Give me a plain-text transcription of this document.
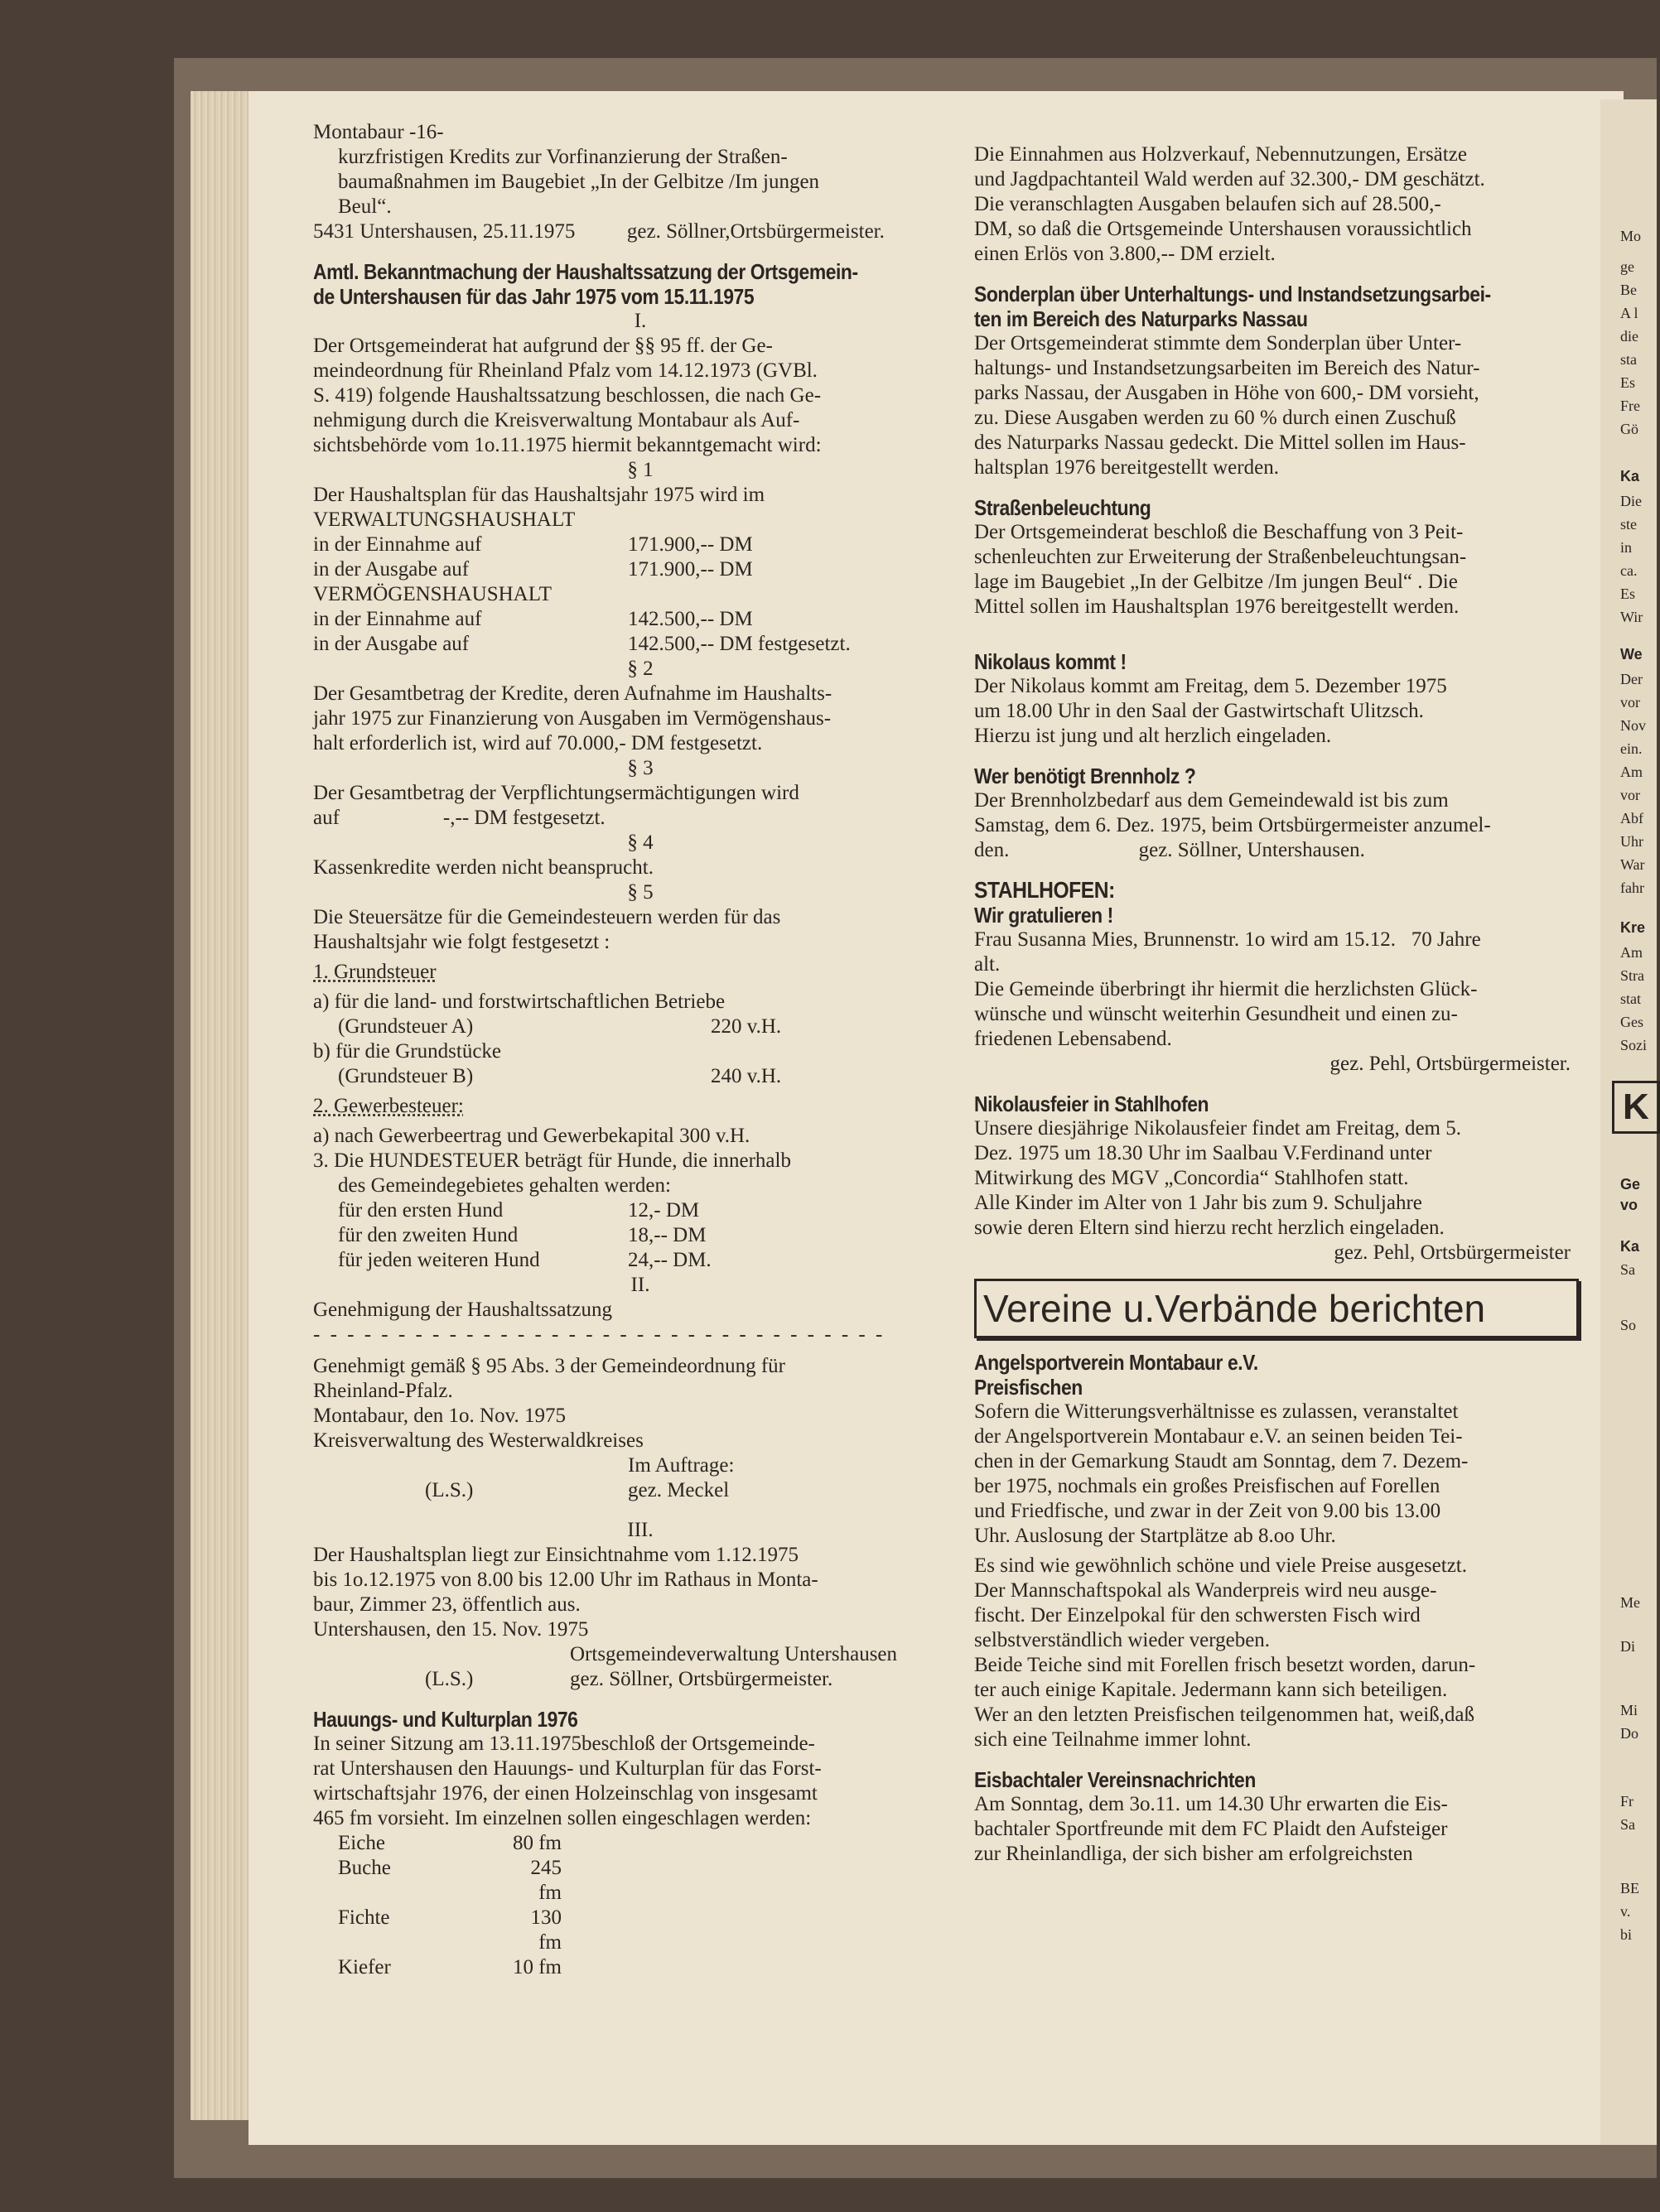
Montabaur -16-

kurzfristigen Kredits zur Vorfinanzierung der Straßen-

baumaßnahmen im Baugebiet „In der Gelbitze /Im jungen

Beul“.

5431 Untershausen, 25.11.1975          gez. Söllner,Ortsbürgermeister.

Amtl. Bekanntmachung der Haushaltssatzung der Ortsgemein-

de Untershausen für das Jahr 1975 vom 15.11.1975

I.

Der Ortsgemeinderat hat aufgrund der §§ 95 ff. der Ge-

meindeordnung für Rheinland Pfalz vom 14.12.1973 (GVBl.

S. 419) folgende Haushaltssatzung beschlossen, die nach Ge-

nehmigung durch die Kreisverwaltung Montabaur als Auf-

sichtsbehörde vom 1o.11.1975 hiermit bekanntgemacht wird:

§ 1

Der Haushaltsplan für das Haushaltsjahr 1975 wird im

VERWALTUNGSHAUSHALT

in der Einnahme auf	171.900,-- DM
in der Ausgabe auf	171.900,-- DM

VERMÖGENSHAUSHALT

in der Einnahme auf	142.500,-- DM
in der Ausgabe auf	142.500,-- DM festgesetzt.

§ 2

Der Gesamtbetrag der Kredite, deren Aufnahme im Haushalts-

jahr 1975 zur Finanzierung von Ausgaben im Vermögenshaus-

halt erforderlich ist, wird auf 70.000,- DM festgesetzt.

§ 3

Der Gesamtbetrag der Verpflichtungsermächtigungen wird

auf                    -,-- DM festgesetzt.

§ 4

Kassenkredite werden nicht beansprucht.

§ 5

Die Steuersätze für die Gemeindesteuern werden für das

Haushaltsjahr wie folgt festgesetzt :

1. Grundsteuer

a) für die land- und forstwirtschaftlichen Betriebe

(Grundsteuer A)	220 v.H.

b) für die Grundstücke

(Grundsteuer B)	240 v.H.

2. Gewerbesteuer:

a) nach Gewerbeertrag und Gewerbekapital 300 v.H.

3. Die HUNDESTEUER beträgt für Hunde, die innerhalb

des Gemeindegebietes gehalten werden:

für den ersten Hund	12,- DM
für den zweiten Hund	18,-- DM
für jeden weiteren Hund	24,-- DM.

II.

Genehmigung der Haushaltssatzung

- - - - - - - - - - - - - - - - - - - - - - - - - - - - - - - - - -

Genehmigt gemäß § 95 Abs. 3 der Gemeindeordnung für

Rheinland-Pfalz.

Montabaur, den 1o. Nov. 1975

Kreisverwaltung des Westerwaldkreises

Im Auftrage:

(L.S.)	gez. Meckel

III.

Der Haushaltsplan liegt zur Einsichtnahme vom 1.12.1975

bis 1o.12.1975 von 8.00 bis 12.00 Uhr im Rathaus in Monta-

baur, Zimmer 23, öffentlich aus.

Untershausen, den 15. Nov. 1975

Ortsgemeindeverwaltung Untershausen

(L.S.)	gez. Söllner, Ortsbürgermeister.

Hauungs- und Kulturplan 1976

In seiner Sitzung am 13.11.1975beschloß der Ortsgemeinde-

rat Untershausen den Hauungs- und Kulturplan für das Forst-

wirtschaftsjahr 1976, der einen Holzeinschlag von insgesamt

465 fm vorsieht. Im einzelnen sollen eingeschlagen werden:

Eiche	80 fm
Buche	245 fm
Fichte	130 fm
Kiefer	10 fm

Die Einnahmen aus Holzverkauf, Nebennutzungen, Ersätze

und Jagdpachtanteil Wald werden auf 32.300,- DM geschätzt.

Die veranschlagten Ausgaben belaufen sich auf 28.500,-

DM, so daß die Ortsgemeinde Untershausen voraussichtlich

einen Erlös von 3.800,-- DM erzielt.

Sonderplan über Unterhaltungs- und Instandsetzungsarbei-

ten im Bereich des Naturparks Nassau

Der Ortsgemeinderat stimmte dem Sonderplan über Unter-

haltungs- und Instandsetzungsarbeiten im Bereich des Natur-

parks Nassau, der Ausgaben in Höhe von 600,- DM vorsieht,

zu. Diese Ausgaben werden zu 60 % durch einen Zuschuß

des Naturparks Nassau gedeckt. Die Mittel sollen im Haus-

haltsplan 1976 bereitgestellt werden.

Straßenbeleuchtung

Der Ortsgemeinderat beschloß die Beschaffung von 3 Peit-

schenleuchten zur Erweiterung der Straßenbeleuchtungsan-

lage im Baugebiet „In der Gelbitze /Im jungen Beul“ . Die

Mittel sollen im Haushaltsplan 1976 bereitgestellt werden.

Nikolaus kommt !

Der Nikolaus kommt am Freitag, dem 5. Dezember 1975

um 18.00 Uhr in den Saal der Gastwirtschaft Ulitzsch.

Hierzu ist jung und alt herzlich eingeladen.

Wer benötigt Brennholz ?

Der Brennholzbedarf aus dem Gemeindewald ist bis zum

Samstag, dem 6. Dez. 1975, beim Ortsbürgermeister anzumel-

den.                         gez. Söllner, Untershausen.

STAHLHOFEN:

Wir gratulieren !

Frau Susanna Mies, Brunnenstr. 1o wird am 15.12.   70 Jahre

alt.

Die Gemeinde überbringt ihr hiermit die herzlichsten Glück-

wünsche und wünscht weiterhin Gesundheit und einen zu-

friedenen Lebensabend.

gez. Pehl, Ortsbürgermeister.

Nikolausfeier in Stahlhofen

Unsere diesjährige Nikolausfeier findet am Freitag, dem 5.

Dez. 1975 um 18.30 Uhr im Saalbau V.Ferdinand unter

Mitwirkung des MGV „Concordia“ Stahlhofen statt.

Alle Kinder im Alter von 1 Jahr bis zum 9. Schuljahre

sowie deren Eltern sind hierzu recht herzlich eingeladen.

gez. Pehl, Ortsbürgermeister

Vereine u.Verbände berichten

Angelsportverein Montabaur e.V.

Preisfischen

Sofern die Witterungsverhältnisse es zulassen, veranstaltet

der Angelsportverein Montabaur e.V. an seinen beiden Tei-

chen in der Gemarkung Staudt am Sonntag, dem 7. Dezem-

ber 1975, nochmals ein großes Preisfischen auf Forellen

und Friedfische, und zwar in der Zeit von 9.00 bis 13.00

Uhr. Auslosung der Startplätze ab 8.oo Uhr.

Es sind wie gewöhnlich schöne und viele Preise ausgesetzt.

Der Mannschaftspokal als Wanderpreis wird neu ausge-

fischt. Der Einzelpokal für den schwersten Fisch wird

selbstverständlich wieder vergeben.

Beide Teiche sind mit Forellen frisch besetzt worden, darun-

ter auch einige Kapitale. Jedermann kann sich beteiligen.

Wer an den letzten Preisfischen teilgenommen hat, weiß,daß

sich eine Teilnahme immer lohnt.

Eisbachtaler Vereinsnachrichten

Am Sonntag, dem 3o.11. um 14.30 Uhr erwarten die Eis-

bachtaler Sportfreunde mit dem FC Plaidt den Aufsteiger

zur Rheinlandliga, der sich bisher am erfolgreichsten

Mo
ge
Be
A l
die
sta
Es
Fre
Gö
Ka
Die
ste
in
ca.
Es
Wir
We
Der
vor
Nov
ein.
Am
vor
Abf
Uhr
War
fahr
Kre
Am
Stra
stat
Ges
Sozi
K
Ge
vo
Ka
Sa
So
Me
Di
Mi
Do
Fr
Sa
BE
v.
bi
